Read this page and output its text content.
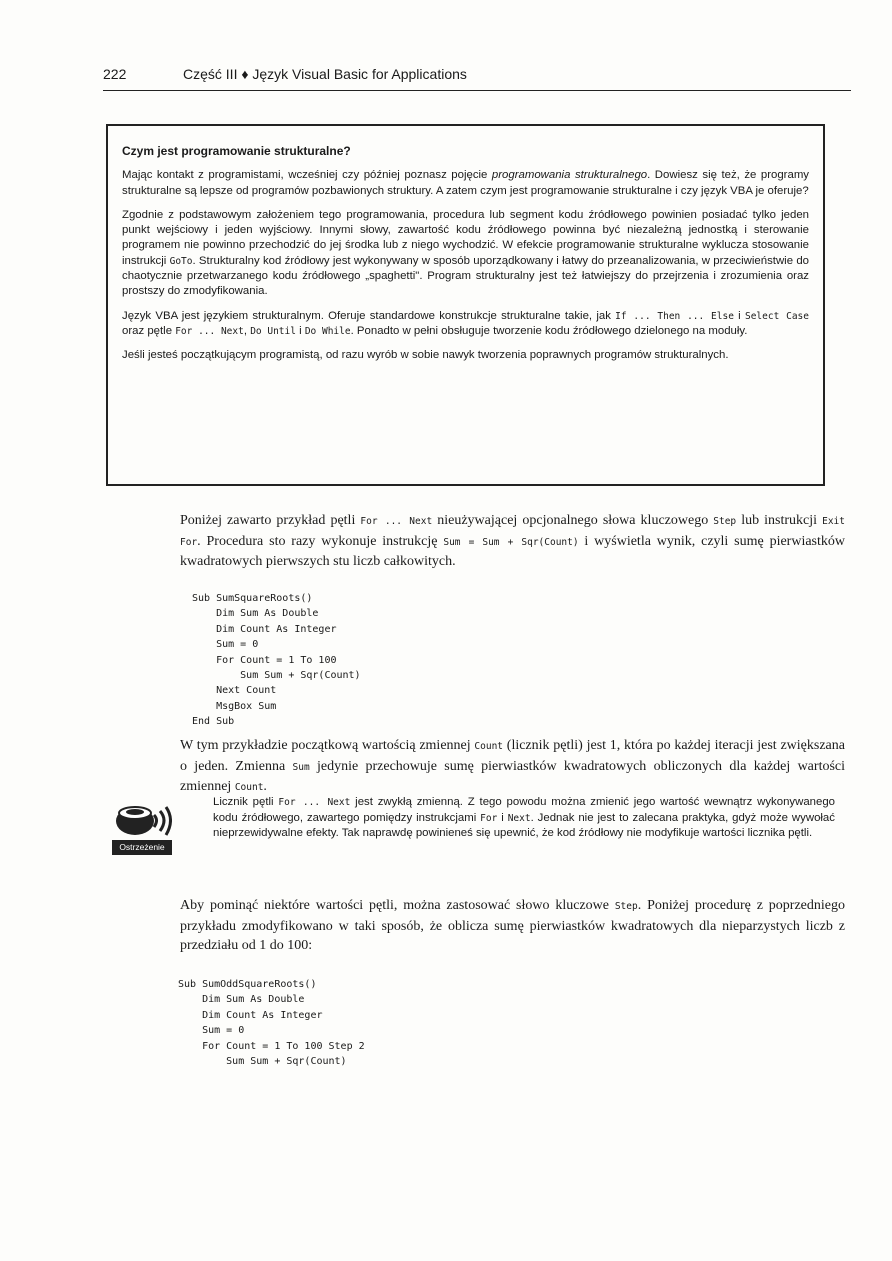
222	Część III ♦ Język Visual Basic for Applications
Czym jest programowanie strukturalne?

Mając kontakt z programistami, wcześniej czy później poznasz pojęcie programowania strukturalnego. Dowiesz się też, że programy strukturalne są lepsze od programów pozbawionych struktury. A zatem czym jest programowanie strukturalne i czy język VBA je oferuje?

Zgodnie z podstawowym założeniem tego programowania, procedura lub segment kodu źródłowego powinien posiadać tylko jeden punkt wejściowy i jeden wyjściowy. Innymi słowy, zawartość kodu źródłowego powinna być niezależną jednostką i sterowanie programem nie powinno przechodzić do jej środka lub z niego wychodzić. W efekcie programowanie strukturalne wyklucza stosowanie instrukcji GoTo. Strukturalny kod źródłowy jest wykonywany w sposób uporządkowany i łatwy do przeanalizowania, w przeciwieństwie do chaotycznie przetwarzanego kodu źródłowego „spaghetti". Program strukturalny jest też łatwiejszy do przejrzenia i zrozumienia oraz prostszy do zmodyfikowania.

Język VBA jest językiem strukturalnym. Oferuje standardowe konstrukcje strukturalne takie, jak If ... Then ... Else i Select Case oraz pętle For ... Next, Do Until i Do While. Ponadto w pełni obsługuje tworzenie kodu źródłowego dzielonego na moduły.

Jeśli jesteś początkującym programistą, od razu wyrób w sobie nawyk tworzenia poprawnych programów strukturalnych.

Poniżej zawarto przykład pętli For ... Next nieużywającej opcjonalnego słowa kluczowego Step lub instrukcji Exit For. Procedura sto razy wykonuje instrukcję Sum = Sum + Sqr(Count) i wyświetla wynik, czyli sumę pierwiastków kwadratowych pierwszych stu liczb całkowitych.

Sub SumSquareRoots()
Dim Sum As Double
Dim Count As Integer
Sum = 0
For Count = 1 To 100
Sum Sum + Sqr(Count)
Next Count
MsgBox Sum
End Sub

W tym przykładzie początkową wartością zmiennej Count (licznik pętli) jest 1, która po każdej iteracji jest zwiększana o jeden. Zmienna Sum jedynie przechowuje sumę pierwiastków kwadratowych obliczonych dla każdej wartości zmiennej Count.

Ostrzeżenie

Licznik pętli For ... Next jest zwykłą zmienną. Z tego powodu można zmienić jego wartość wewnątrz wykonywanego kodu źródłowego, zawartego pomiędzy instrukcjami For i Next. Jednak nie jest to zalecana praktyka, gdyż może wywołać nieprzewidywalne efekty. Tak naprawdę powinieneś się upewnić, że kod źródłowy nie modyfikuje wartości licznika pętli.

Aby pominąć niektóre wartości pętli, można zastosować słowo kluczowe Step. Poniżej procedurę z poprzedniego przykładu zmodyfikowano w taki sposób, że oblicza sumę pierwiastków kwadratowych dla nieparzystych liczb z przedziału od 1 do 100:

Sub SumOddSquareRoots()
Dim Sum As Double
Dim Count As Integer
Sum = 0
For Count = 1 To 100 Step 2
Sum Sum + Sqr(Count)
